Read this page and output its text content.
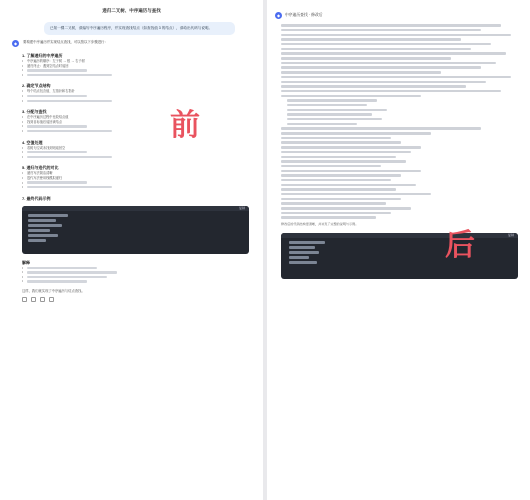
递归二叉树、中序遍历与查找
已知一棵二叉树，请编写中序遍历程序，并实现查找结点（如查找值 3 的结点），请给出代码与说明。
◆	要构建中序遍历并实现结点查找，可以按以下步骤进行：
1. 了解递归的中序遍历
• 中序遍历的顺序：左子树 → 根 → 右子树
• 递归终止：遇到空结点时返回
•
•
2. 确定节点结构
• 每个结点包含值、左指针和右指针
•
•
3. 分配与查找
• 在中序遍历过程中比较结点值
• 找到目标值后返回该结点
•
•
4. 空值处理
• 若树为空或未找到则返回空
•
•
5. 递归与迭代的对比
• 递归写法简洁清晰
• 迭代写法使用栈模拟递归
•
•
7. 最终代码示例
复制
解释
•
•
•
•
这样，我们就实现了中序遍历与结点查找。
◆	中序遍历查找 · 修改后
修改后的代码结构更清晰，并补充了完整的说明与示例。
复制
前
后
